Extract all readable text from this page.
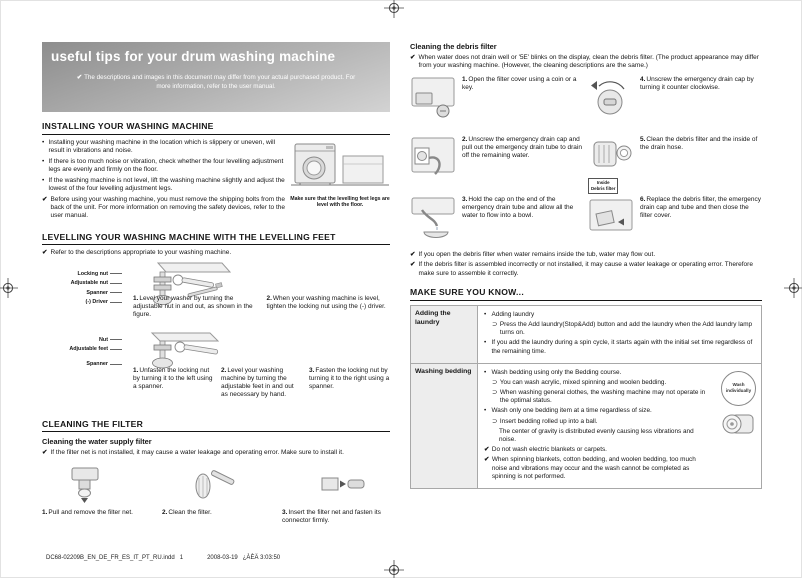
useful tips for your drum washing machine
✔ The descriptions and images in this document may differ from your actual purchased product. For more information, refer to the user manual.
INSTALLING YOUR WASHING MACHINE
• Installing your washing machine in the location which is slippery or uneven, will result in vibrations and noise.
• If there is too much noise or vibration, check whether the four levelling adjustment legs are evenly and firmly on the floor.
• If the washing machine is not level, lift the washing machine slightly and adjust the lowest of the four levelling adjustment legs.
✔ Before using your washing machine, you must remove the shipping bolts from the back of the unit. For more information on removing the safety devices, refer to the user manual.
Make sure that the levelling feet legs are level with the floor.
LEVELLING YOUR WASHING MACHINE WITH THE LEVELLING FEET
✔ Refer to the descriptions appropriate to your washing machine.
Locking nut
Adjustable nut
Spanner
(-) Driver
1.Level your washer by turning the adjustable nut in and out, as shown in the figure.
2.When your washing machine is level, tighten the locking nut using the (-) driver.
Nut
Adjustable feet
Spanner
1.Unfasten the locking nut by turning it to the left using a spanner.
2.Level your washing machine by turning the adjustable feet in and out as necessary by hand.
3.Fasten the locking nut by turning it to the right using a spanner.
CLEANING THE FILTER
Cleaning the water supply filter
✔ If the filter net is not installed, it may cause a water leakage and operating error. Make sure to install it.
1.Pull and remove the filter net.	2.Clean the filter.	3.Insert the filter net and fasten its connector firmly.
Cleaning the debris filter
✔ When water does not drain well or '5E' blinks on the display, clean the debris filter. (The product appearance may differ from your washing machine. (However, the cleaning descriptions are the same.)
1.Open the filter cover using a coin or a key.
4.Unscrew the emergency drain cap by turning it counter clockwise.
2.Unscrew the emergency drain cap and pull out the emergency drain tube to drain off the remaining water.
Inside
Debris filter
5.Clean the debris filter and the inside of the drain hose.
3.Hold the cap on the end of the emergency drain tube and allow all the water to flow into a bowl.
6.Replace the debris filter, the emergency drain cap and tube and then close the filter cover.
✔ If you open the debris filter when water remains inside the tub, water may flow out.
✔ If the debris filter is assembled incorrectly or not installed, it may cause a water leakage or operating error. Therefore make sure to assemble it correctly.
MAKE SURE YOU KNOW...
Adding the laundry	
• Adding laundry
⊃ Press the Add laundry(Stop&Add) button and add the laundry when the Add laundry lamp turns on.
• If you add the laundry during a spin cycle, it starts again with the initial set time regardless of the remaining time.

Washing bedding	• Wash bedding using only the Bedding course.
⊃ You can wash acrylic, mixed spinning and woolen bedding.
⊃ When washing general clothes, the washing machine may not operate in the optimal status.
• Wash only one bedding item at a time regardless of size.
⊃ Insert bedding rolled up into a ball.
The center of gravity is distributed evenly causing less vibrations and noise.
✔ Do not wash electric blankets or carpets.
✔ When spinning blankets, cotton bedding, and woolen bedding, too much noise and vibrations may occur and the wash cannot be completed as spinning is not performed.
Wash individually
DC68-02209B_EN_DE_FR_ES_IT_PT_RU.indd   1	2008-03-19   ¿ÀÈÄ 3:03:50
